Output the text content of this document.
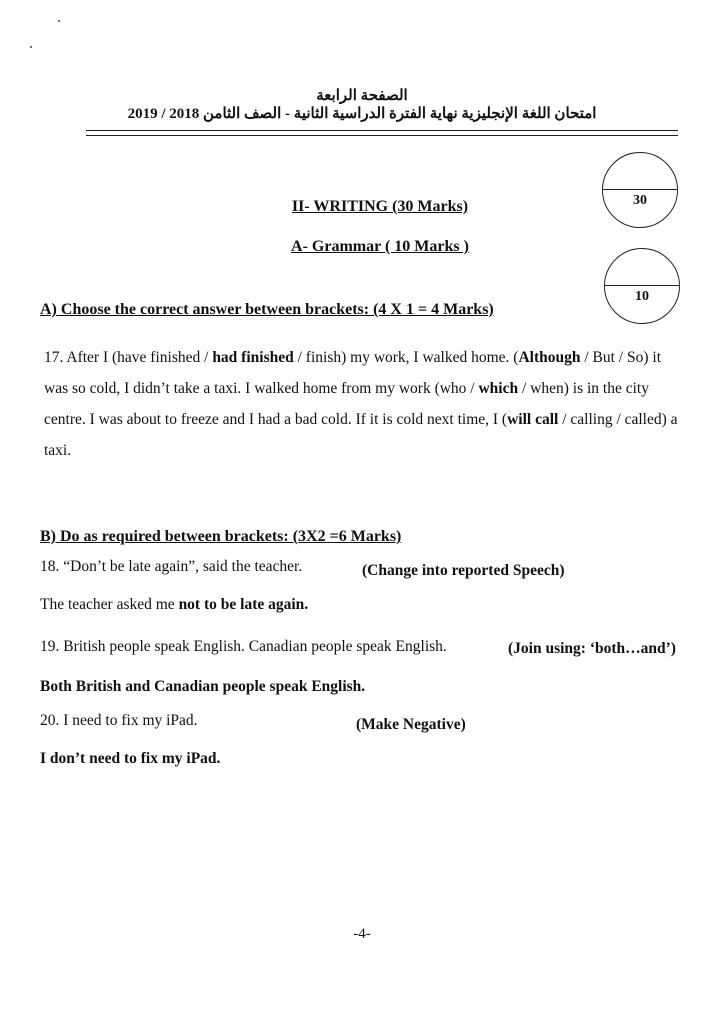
الصفحة الرابعة
امتحان اللغة الإنجليزية نهاية الفترة الدراسية الثانية - الصف الثامن 2018 / 2019
30
10
II- WRITING (30 Marks)
A- Grammar ( 10 Marks )
A) Choose the correct answer between brackets: (4 X 1 = 4 Marks)
17. After I (have finished / had finished / finish) my work, I walked home. (Although / But / So) it was so cold, I didn’t take a taxi. I walked home from my work (who / which / when) is in the city centre. I was about to freeze and I had a bad cold. If it is cold next time, I (will call / calling / called) a taxi.
B) Do as required between brackets: (3X2 =6 Marks)
18. “Don’t be late again”, said the teacher.	(Change into reported Speech)
The teacher asked me not to be late again.
19. British people speak English. Canadian people speak English.	(Join using: ‘both…and’)
Both British and Canadian people speak English.
20. I need to fix my iPad.	(Make Negative)
I don’t need to fix my iPad.
-4-
